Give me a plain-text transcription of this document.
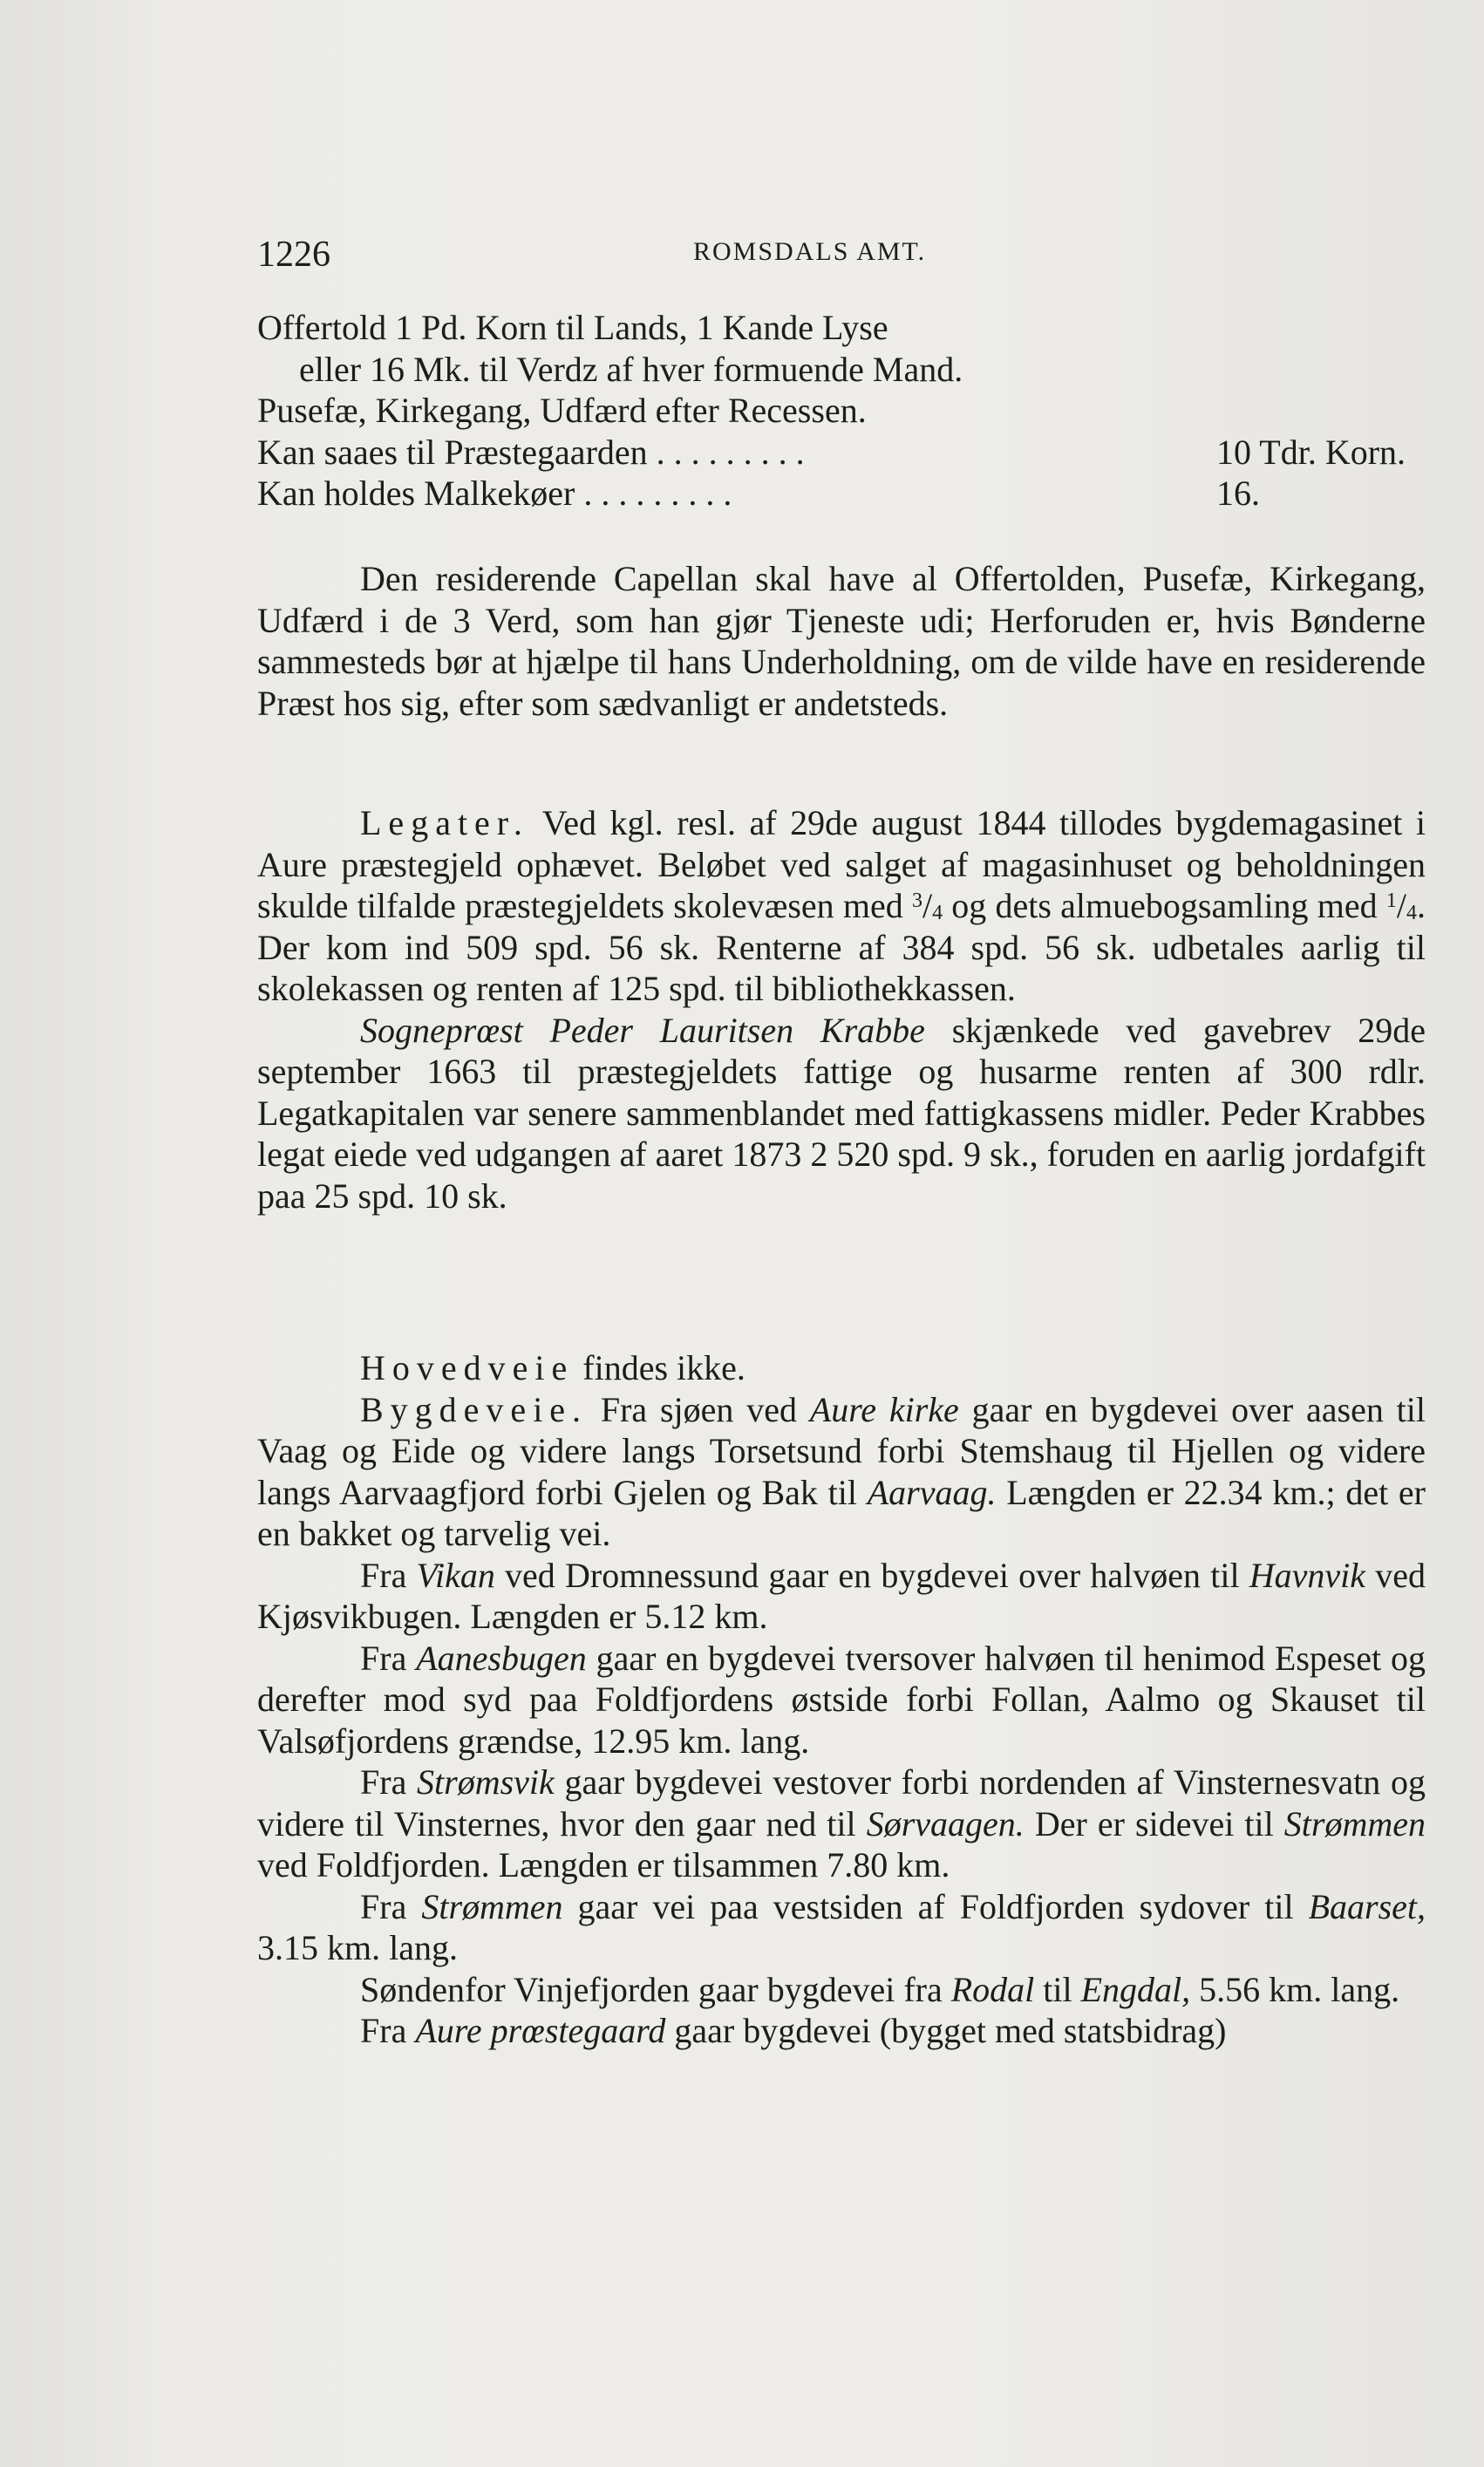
1226	ROMSDALS AMT.

Offertold 1 Pd. Korn til Lands, 1 Kande Lyse
eller 16 Mk. til Verdz af hver formuende Mand.

Pusefæ, Kirkegang, Udfærd efter Recessen.

Kan saaes til Præstegaarden .........	10 Tdr. Korn.
Kan holdes Malkekøer .........	16.

Den residerende Capellan skal have al Offertolden, Pusefæ, Kirkegang, Udfærd i de 3 Verd, som han gjør Tjeneste udi; Herforuden er, hvis Bønderne sammesteds bør at hjælpe til hans Underholdning, om de vilde have en residerende Præst hos sig, efter som sædvanligt er andetsteds.

Legater. Ved kgl. resl. af 29de august 1844 tillodes bygdemagasinet i Aure præstegjeld ophævet. Beløbet ved salget af magasinhuset og beholdningen skulde tilfalde præstegjeldets skolevæsen med $^3/_4$ og dets almuebogsamling med $^1/_4$. Der kom ind 509 spd. 56 sk. Renterne af 384 spd. 56 sk. udbetales aarlig til skolekassen og renten af 125 spd. til bibliothekkassen.

Sogneprœst Peder Lauritsen Krabbe skjænkede ved gavebrev 29de september 1663 til præstegjeldets fattige og husarme renten af 300 rdlr. Legatkapitalen var senere sammenblandet med fattigkassens midler. Peder Krabbes legat eiede ved udgangen af aaret 1873 2 520 spd. 9 sk., foruden en aarlig jordafgift paa 25 spd. 10 sk.

Hovedveie findes ikke.

Bygdeveie. Fra sjøen ved Aure kirke gaar en bygdevei over aasen til Vaag og Eide og videre langs Torsetsund forbi Stemshaug til Hjellen og videre langs Aarvaagfjord forbi Gjelen og Bak til Aarvaag. Længden er 22.34 km.; det er en bakket og tarvelig vei.

Fra Vikan ved Dromnessund gaar en bygdevei over halvøen til Havnvik ved Kjøsvikbugen. Længden er 5.12 km.

Fra Aanesbugen gaar en bygdevei tversover halvøen til henimod Espeset og derefter mod syd paa Foldfjordens østside forbi Follan, Aalmo og Skauset til Valsøfjordens grændse, 12.95 km. lang.

Fra Strømsvik gaar bygdevei vestover forbi nordenden af Vinsternesvatn og videre til Vinsternes, hvor den gaar ned til Sørvaagen. Der er sidevei til Strømmen ved Foldfjorden. Længden er tilsammen 7.80 km.

Fra Strømmen gaar vei paa vestsiden af Foldfjorden sydover til Baarset, 3.15 km. lang.

Søndenfor Vinjefjorden gaar bygdevei fra Rodal til Engdal, 5.56 km. lang.

Fra Aure prœstegaard gaar bygdevei (bygget med statsbidrag)
